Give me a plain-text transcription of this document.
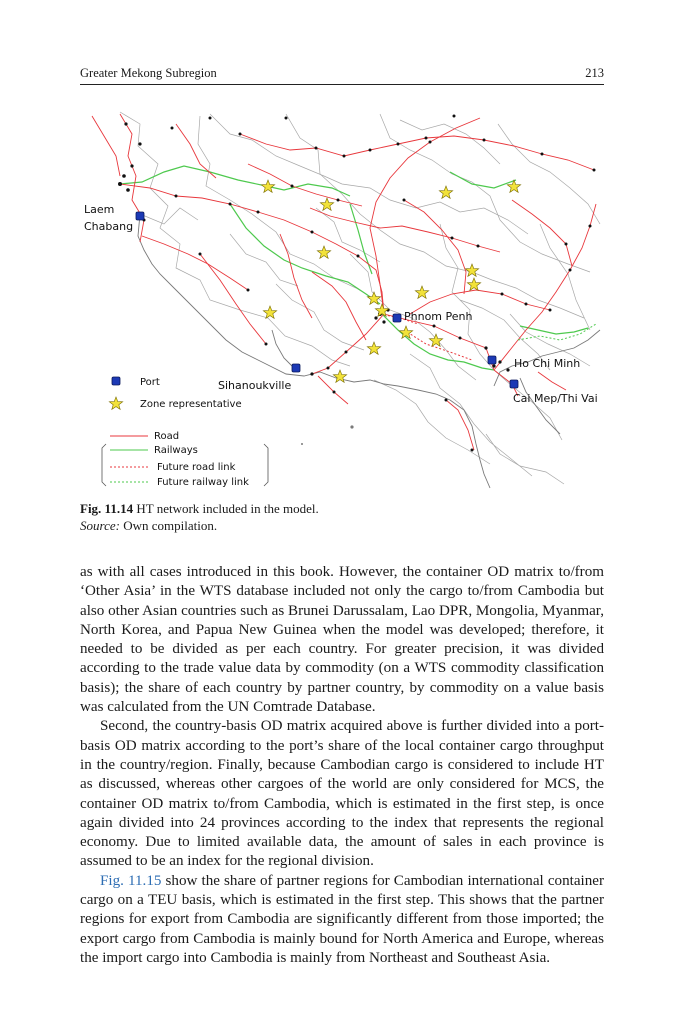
Greater Mekong Subregion	213
Laem
Chabang
Phnom Penh
Ho Chi Minh
Sihanoukville
Cai Mep/Thi Vai
Port
Zone representative
Road
Railways
Future road link
Future railway link
Fig. 11.14 HT network included in the model.
Source: Own compilation.

as with all cases introduced in this book. However, the container OD matrix to/from ‘Other Asia’ in the WTS database included not only the cargo to/from Cambodia but also other Asian countries such as Brunei Darussalam, Lao DPR, Mongolia, Myanmar, North Korea, and Papua New Guinea when the model was developed; therefore, it needed to be divided as per each country. For greater precision, it was divided according to the trade value data by commodity (on a WTS commodity classification basis); the share of each country by partner country, by commodity on a value basis was calculated from the UN Comtrade Database.

Second, the country-basis OD matrix acquired above is further divided into a port-basis OD matrix according to the port’s share of the local container cargo throughput in the country/region. Finally, because Cambodian cargo is considered to include HT as discussed, whereas other cargoes of the world are only considered for MCS, the container OD matrix to/from Cambodia, which is estimated in the first step, is once again divided into 24 provinces according to the index that represents the regional economy. Due to limited available data, the amount of sales in each province is assumed to be an index for the regional division.

Fig. 11.15 show the share of partner regions for Cambodian international container cargo on a TEU basis, which is estimated in the first step. This shows that the partner regions for export from Cambodia are significantly different from those imported; the export cargo from Cambodia is mainly bound for North America and Europe, whereas the import cargo into Cambodia is mainly from Northeast and Southeast Asia.
